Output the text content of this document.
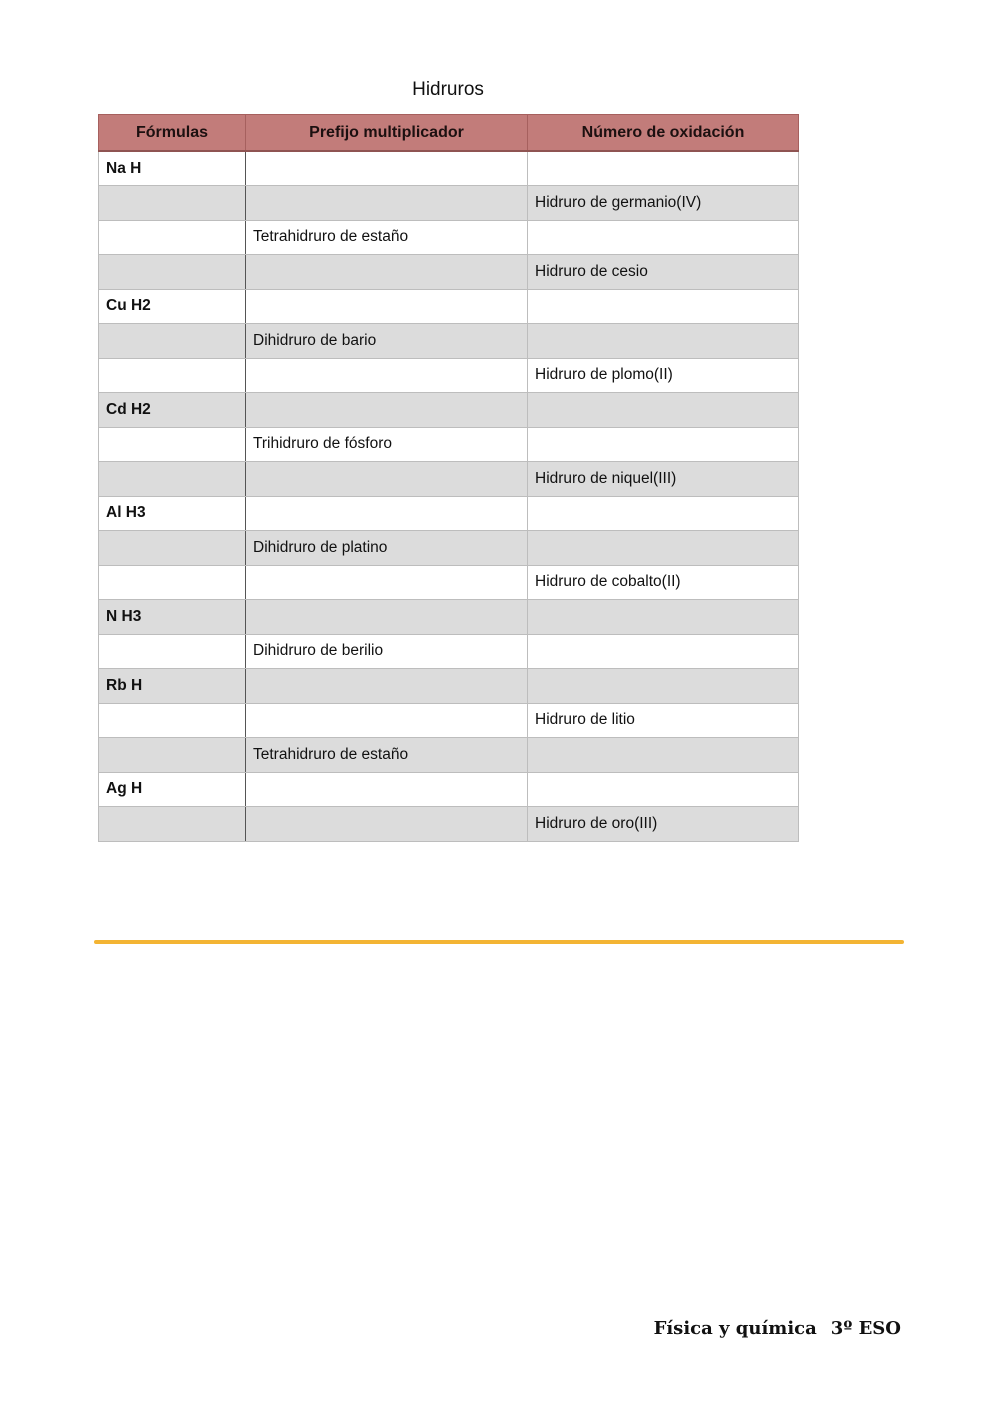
Hidruros
Fórmulas	Prefijo multiplicador	Número de oxidación
Na H		
		Hidruro de germanio(IV)
	Tetrahidruro de estaño	
		Hidruro de cesio
Cu H2		
	Dihidruro de bario	
		Hidruro de plomo(II)
Cd H2		
	Trihidruro de fósforo	
		Hidruro de niquel(III)
Al H3		
	Dihidruro de platino	
		Hidruro de cobalto(II)
N H3		
	Dihidruro de berilio	
Rb H		
		Hidruro de litio
	Tetrahidruro de estaño	
Ag H		
		Hidruro de oro(III)
Física y química 3º ESO
